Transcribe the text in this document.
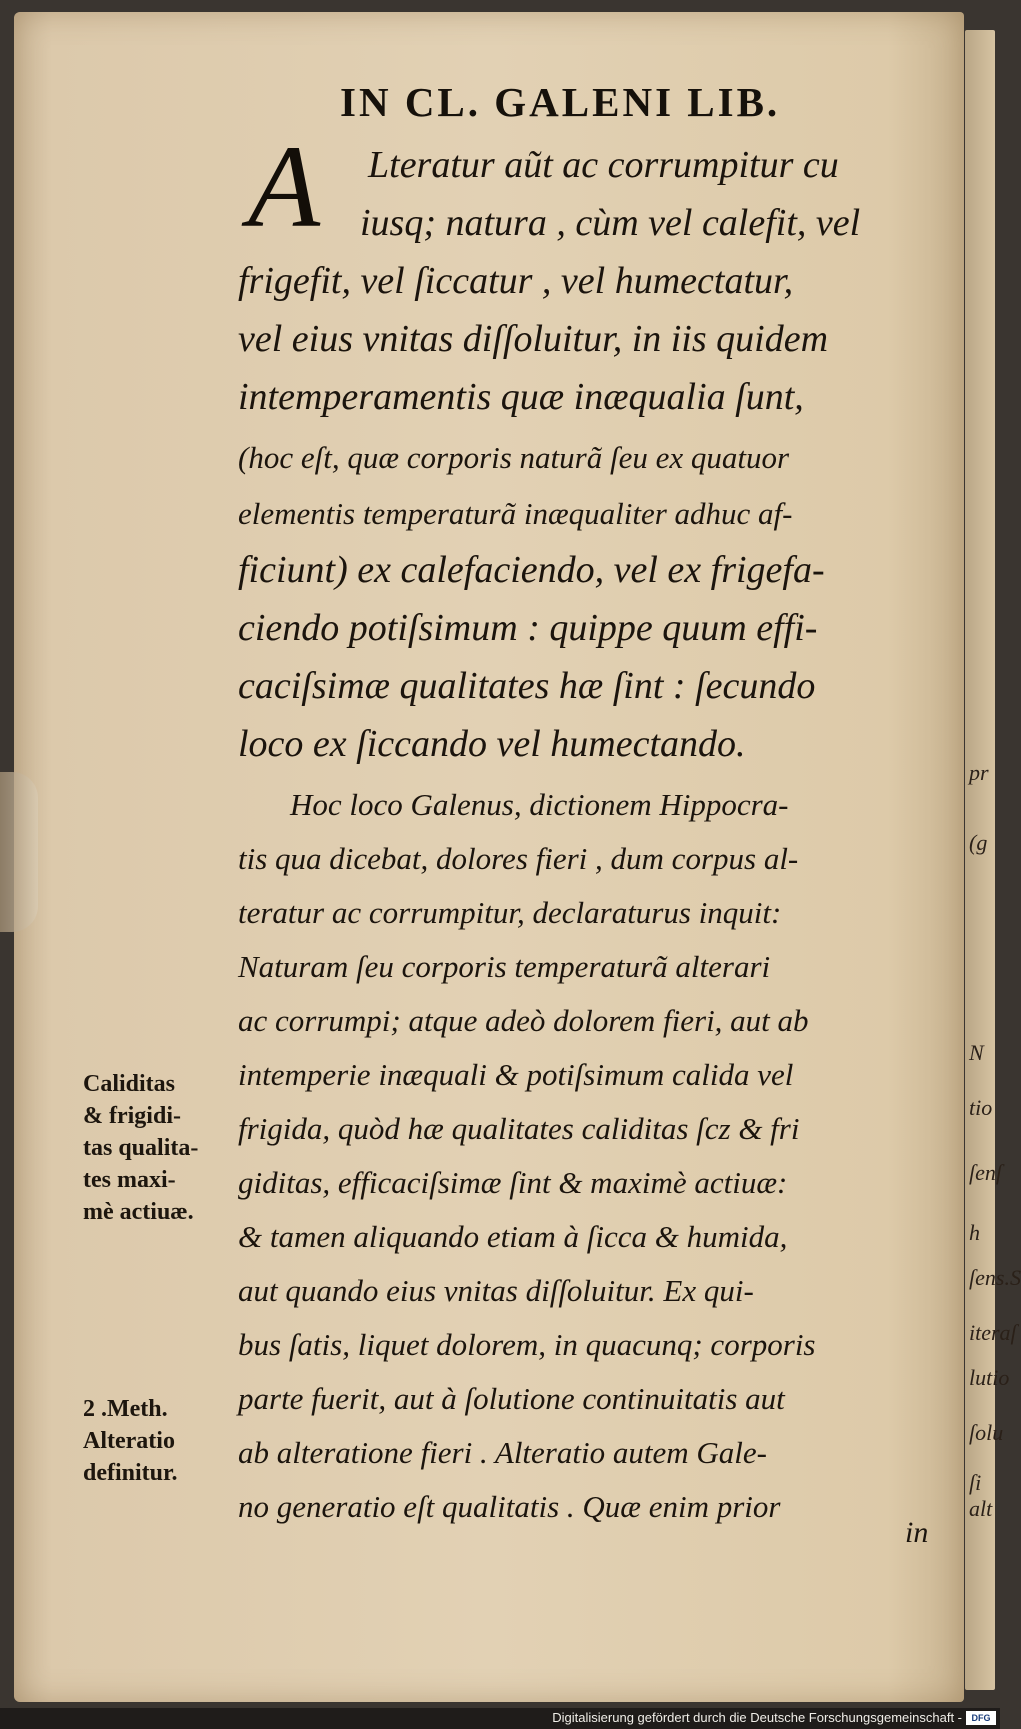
pr
(g
N
tio
ſenſ
h
ſens.S
iteraſ
lutio
ſolu
ſi alt
IN CL. GALENI LIB.
A Lteratur aũt ac corrumpitur cu
iusq; natura , cùm vel calefit, vel
frigefit, vel ſiccatur , vel humectatur,
vel eius vnitas diſſoluitur, in iis quidem
intemperamentis quæ inæqualia ſunt,
(hoc eſt, quæ corporis naturã ſeu ex quatuor
elementis temperaturã inæqualiter adhuc af-
ficiunt) ex calefaciendo, vel ex frigefa-
ciendo potiſsimum : quippe quum effi-
caciſsimæ qualitates hæ ſint : ſecundo
loco ex ſiccando vel humectando.
Hoc loco Galenus, dictionem Hippocra-
tis qua dicebat, dolores fieri , dum corpus al-
teratur ac corrumpitur, declaraturus inquit:
Naturam ſeu corporis temperaturã alterari
ac corrumpi; atque adeò dolorem fieri, aut ab
intemperie inæquali & potiſsimum calida vel
frigida, quòd hæ qualitates caliditas ſcz & fri
giditas, efficaciſsimæ ſint & maximè actiuæ:
& tamen aliquando etiam à ſicca & humida,
aut quando eius vnitas diſſoluitur. Ex qui-
bus ſatis, liquet dolorem, in quacunq; corporis
parte fuerit, aut à ſolutione continuitatis aut
ab alteratione fieri . Alteratio autem Gale-
no generatio eſt qualitatis . Quæ enim prior
Caliditas
& frigidi-
tas qualita-
tes maxi-
mè actiuæ.
2 .Meth.
Alteratio
definitur.
in
Digitalisierung gefördert durch die Deutsche Forschungsgemeinschaft -	DFG
